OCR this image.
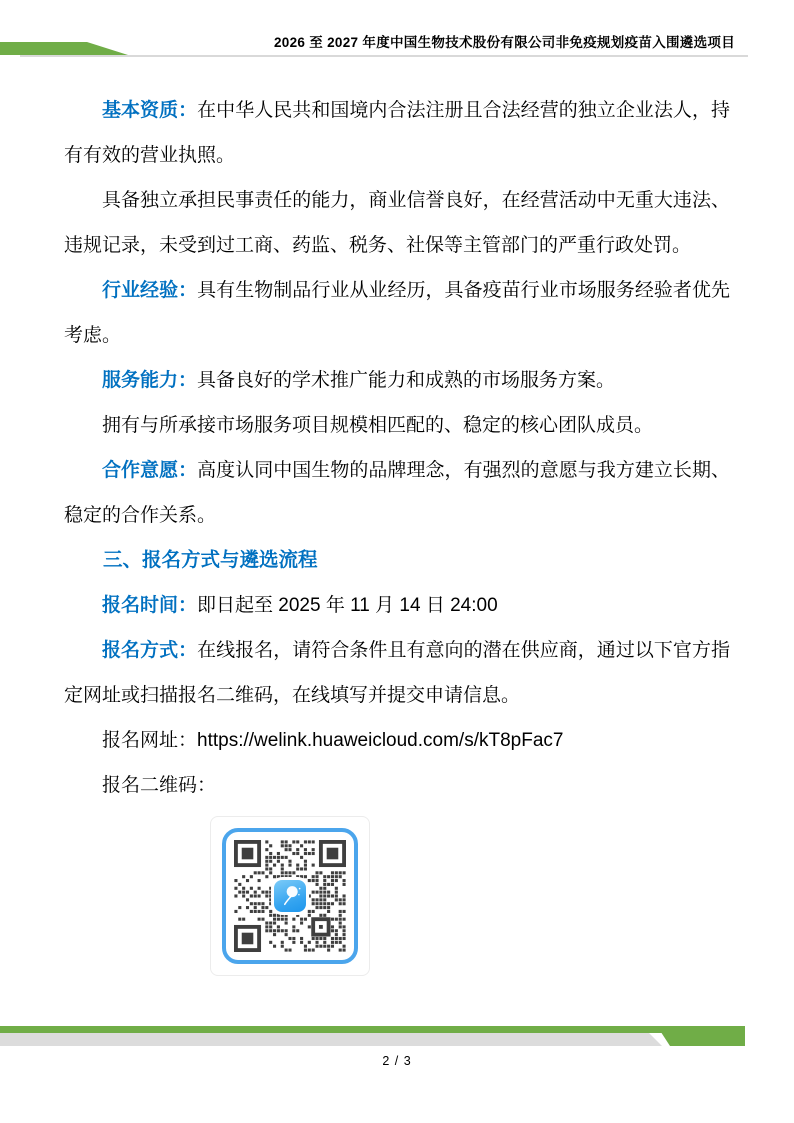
2026 至 2027 年度中国生物技术股份有限公司非免疫规划疫苗入围遴选项目

基本资质：在中华人民共和国境内合法注册且合法经营的独立企业法人，持有有效的营业执照。

具备独立承担民事责任的能力，商业信誉良好，在经营活动中无重大违法、违规记录，未受到过工商、药监、税务、社保等主管部门的严重行政处罚。

行业经验：具有生物制品行业从业经历，具备疫苗行业市场服务经验者优先考虑。

服务能力：具备良好的学术推广能力和成熟的市场服务方案。

拥有与所承接市场服务项目规模相匹配的、稳定的核心团队成员。

合作意愿：高度认同中国生物的品牌理念，有强烈的意愿与我方建立长期、稳定的合作关系。

三、报名方式与遴选流程

报名时间：即日起至 2025 年 11 月 14 日 24:00

报名方式：在线报名，请符合条件且有意向的潜在供应商，通过以下官方指定网址或扫描报名二维码，在线填写并提交申请信息。

报名网址：https://welink.huaweicloud.com/s/kT8pFac7

报名二维码：

2 / 3
